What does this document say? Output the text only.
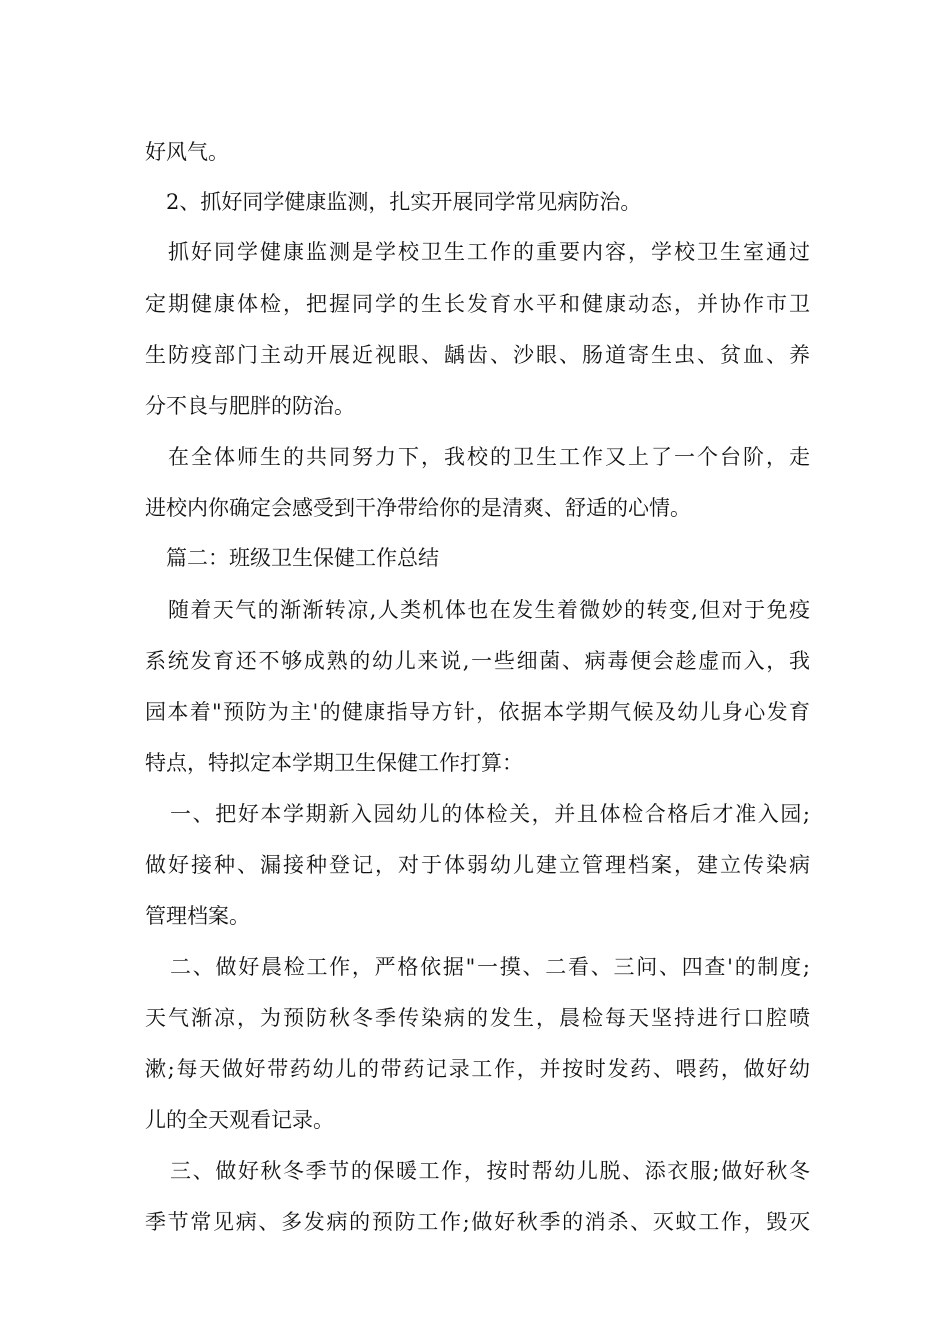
好风气。

2、抓好同学健康监测，扎实开展同学常见病防治。

抓好同学健康监测是学校卫生工作的重要内容，学校卫生室通过

定期健康体检，把握同学的生长发育水平和健康动态，并协作市卫

生防疫部门主动开展近视眼、龋齿、沙眼、肠道寄生虫、贫血、养

分不良与肥胖的防治。

在全体师生的共同努力下，我校的卫生工作又上了一个台阶，走

进校内你确定会感受到干净带给你的是清爽、舒适的心情。

篇二：班级卫生保健工作总结

随着天气的渐渐转凉,人类机体也在发生着微妙的转变,但对于免疫

系统发育还不够成熟的幼儿来说,一些细菌、病毒便会趁虚而入，我

园本着"预防为主'的健康指导方针，依据本学期气候及幼儿身心发育

特点，特拟定本学期卫生保健工作打算：

一、把好本学期新入园幼儿的体检关，并且体检合格后才准入园;

做好接种、漏接种登记，对于体弱幼儿建立管理档案，建立传染病

管理档案。

二、做好晨检工作，严格依据"一摸、二看、三问、四查'的制度;

天气渐凉，为预防秋冬季传染病的发生，晨检每天坚持进行口腔喷

漱;每天做好带药幼儿的带药记录工作，并按时发药、喂药，做好幼

儿的全天观看记录。

三、做好秋冬季节的保暖工作，按时帮幼儿脱、添衣服;做好秋冬

季节常见病、多发病的预防工作;做好秋季的消杀、灭蚊工作，毁灭
